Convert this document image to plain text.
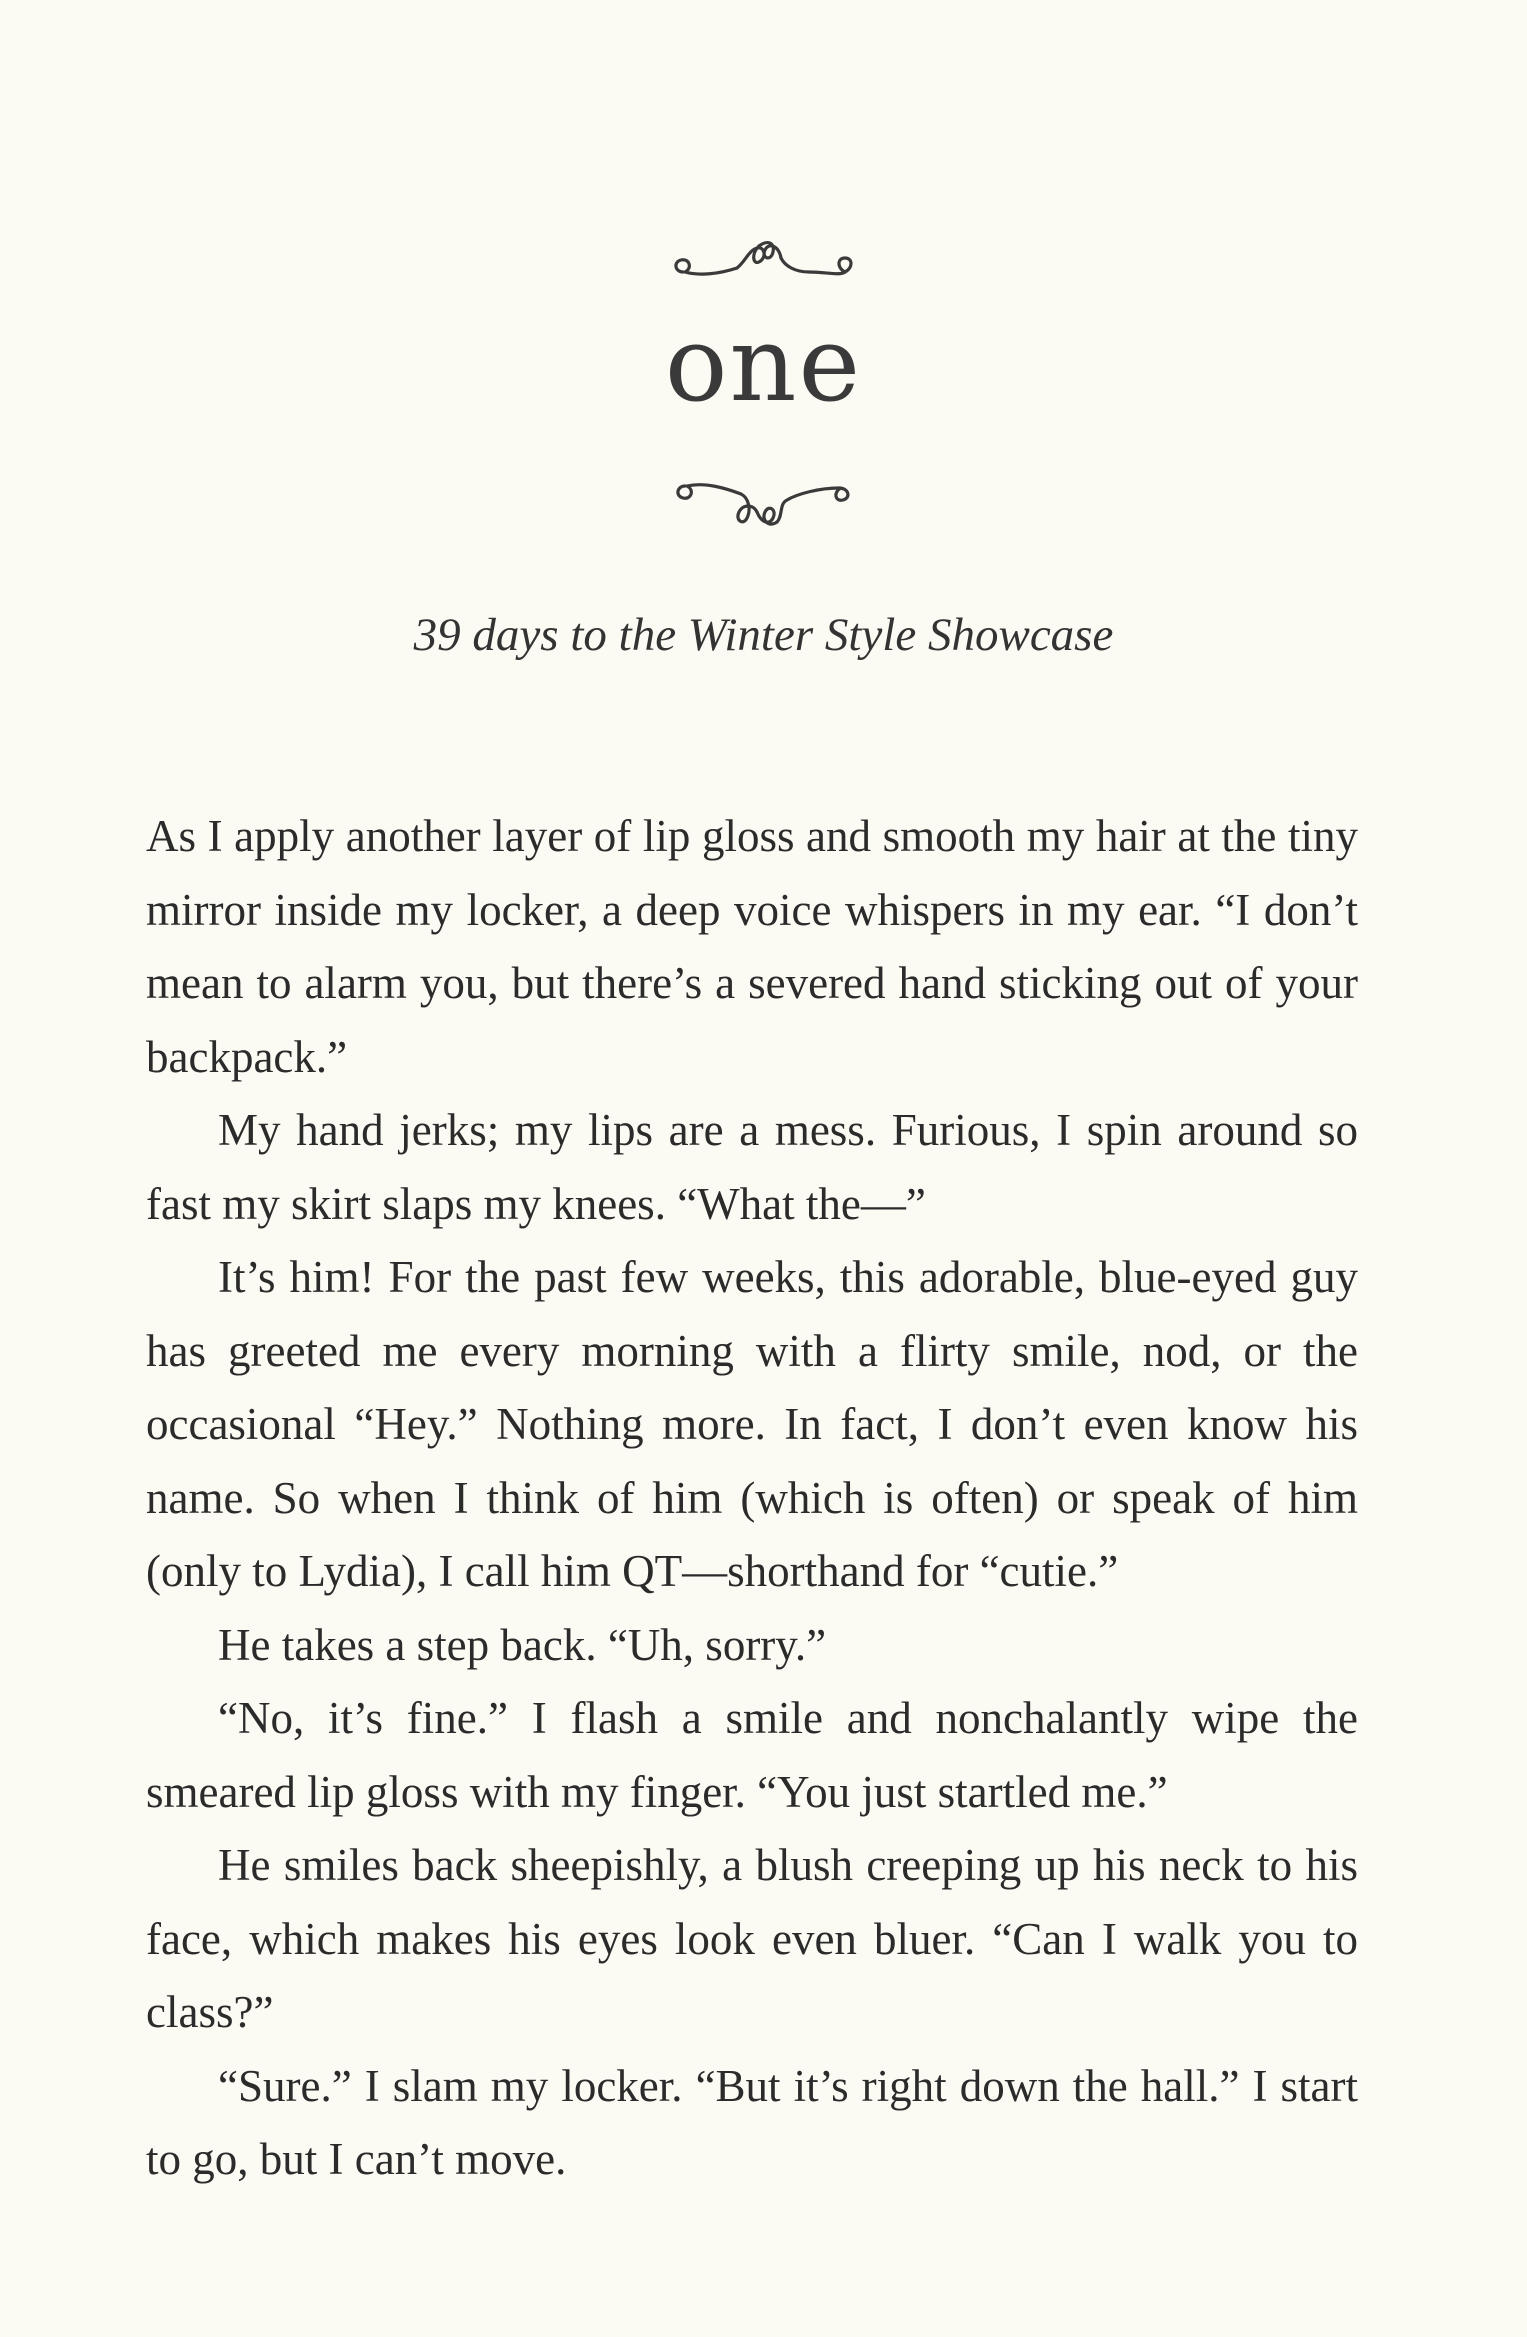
one

39 days to the Winter Style Showcase

As I apply another layer of lip gloss and smooth my hair at the tiny mirror inside my locker, a deep voice whispers in my ear. “I don’t mean to alarm you, but there’s a severed hand sticking out of your backpack.”

My hand jerks; my lips are a mess. Furious, I spin around so fast my skirt slaps my knees. “What the—”

It’s him! For the past few weeks, this adorable, blue-eyed guy has greeted me every morning with a flirty smile, nod, or the occasional “Hey.” Nothing more. In fact, I don’t even know his name. So when I think of him (which is often) or speak of him (only to Lydia), I call him QT—shorthand for “cutie.”

He takes a step back. “Uh, sorry.”

“No, it’s fine.” I flash a smile and nonchalantly wipe the smeared lip gloss with my finger. “You just startled me.”

He smiles back sheepishly, a blush creeping up his neck to his face, which makes his eyes look even bluer. “Can I walk you to class?”

“Sure.” I slam my locker. “But it’s right down the hall.” I start to go, but I can’t move.
